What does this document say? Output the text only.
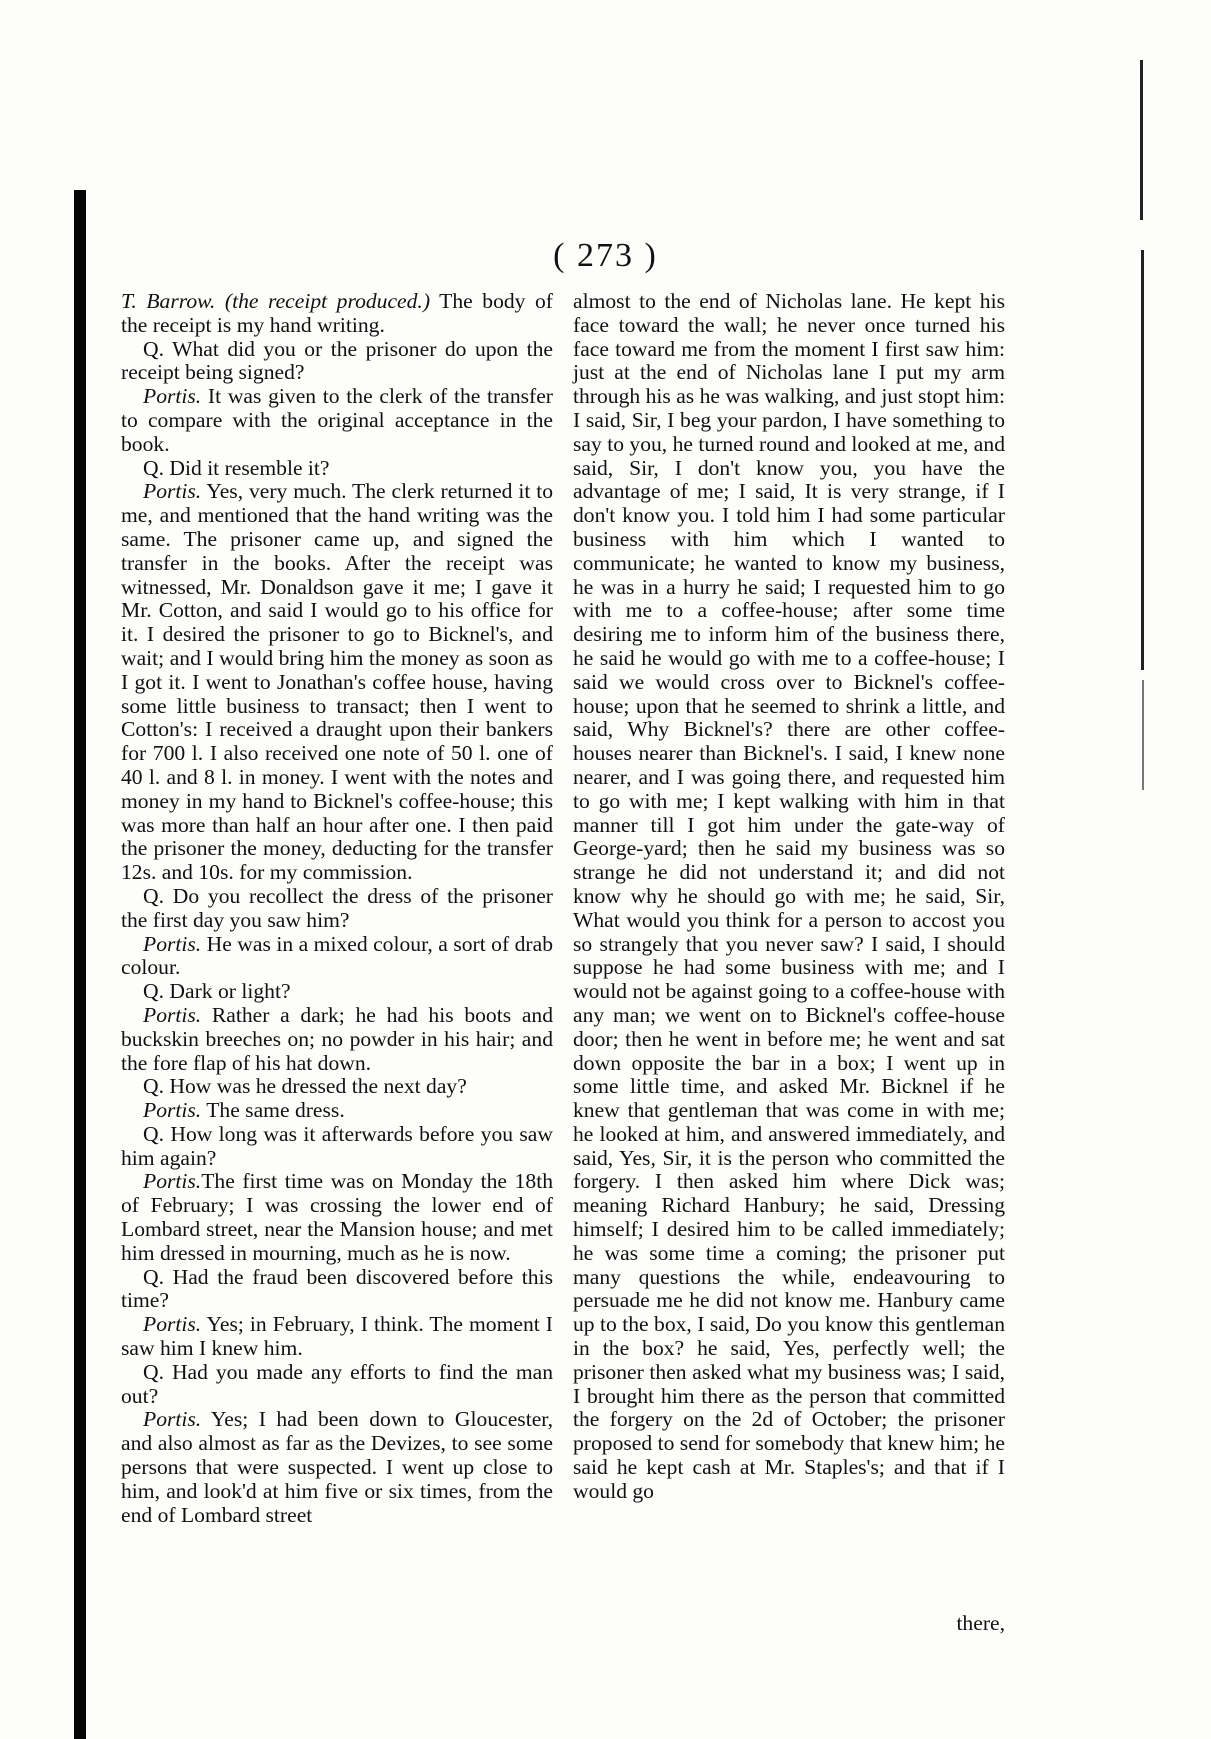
( 273 )

T. Barrow. (the receipt produced.) The body of the receipt is my hand writing.

Q. What did you or the prisoner do upon the receipt being signed?

Portis. It was given to the clerk of the transfer to compare with the original acceptance in the book.

Q. Did it resemble it?

Portis. Yes, very much. The clerk returned it to me, and mentioned that the hand writing was the same. The prisoner came up, and signed the transfer in the books. After the receipt was witnessed, Mr. Donaldson gave it me; I gave it Mr. Cotton, and said I would go to his office for it. I desired the prisoner to go to Bicknel's, and wait; and I would bring him the money as soon as I got it. I went to Jonathan's coffee house, having some little business to transact; then I went to Cotton's: I received a draught upon their bankers for 700 l. I also received one note of 50 l. one of 40 l. and 8 l. in money. I went with the notes and money in my hand to Bicknel's coffee-house; this was more than half an hour after one. I then paid the prisoner the money, deducting for the transfer 12s. and 10s. for my commission.

Q. Do you recollect the dress of the prisoner the first day you saw him?

Portis. He was in a mixed colour, a sort of drab colour.

Q. Dark or light?

Portis. Rather a dark; he had his boots and buckskin breeches on; no powder in his hair; and the fore flap of his hat down.

Q. How was he dressed the next day?

Portis. The same dress.

Q. How long was it afterwards before you saw him again?

Portis.The first time was on Monday the 18th of February; I was crossing the lower end of Lombard street, near the Mansion house; and met him dressed in mourning, much as he is now.

Q. Had the fraud been discovered before this time?

Portis. Yes; in February, I think. The moment I saw him I knew him.

Q. Had you made any efforts to find the man out?

Portis. Yes; I had been down to Gloucester, and also almost as far as the Devizes, to see some persons that were suspected. I went up close to him, and look'd at him five or six times, from the end of Lombard street

almost to the end of Nicholas lane. He kept his face toward the wall; he never once turned his face toward me from the moment I first saw him: just at the end of Nicholas lane I put my arm through his as he was walking, and just stopt him: I said, Sir, I beg your pardon, I have something to say to you, he turned round and looked at me, and said, Sir, I don't know you, you have the advantage of me; I said, It is very strange, if I don't know you. I told him I had some particular business with him which I wanted to communicate; he wanted to know my business, he was in a hurry he said; I requested him to go with me to a coffee-house; after some time desiring me to inform him of the business there, he said he would go with me to a coffee-house; I said we would cross over to Bicknel's coffee-house; upon that he seemed to shrink a little, and said, Why Bicknel's? there are other coffee-houses nearer than Bicknel's. I said, I knew none nearer, and I was going there, and requested him to go with me; I kept walking with him in that manner till I got him under the gate-way of George-yard; then he said my business was so strange he did not understand it; and did not know why he should go with me; he said, Sir, What would you think for a person to accost you so strangely that you never saw? I said, I should suppose he had some business with me; and I would not be against going to a coffee-house with any man; we went on to Bicknel's coffee-house door; then he went in before me; he went and sat down opposite the bar in a box; I went up in some little time, and asked Mr. Bicknel if he knew that gentleman that was come in with me; he looked at him, and answered immediately, and said, Yes, Sir, it is the person who committed the forgery. I then asked him where Dick was; meaning Richard Hanbury; he said, Dressing himself; I desired him to be called immediately; he was some time a coming; the prisoner put many questions the while, endeavouring to persuade me he did not know me. Hanbury came up to the box, I said, Do you know this gentleman in the box? he said, Yes, perfectly well; the prisoner then asked what my business was; I said, I brought him there as the person that committed the forgery on the 2d of October; the prisoner proposed to send for somebody that knew him; he said he kept cash at Mr. Staples's; and that if I would go

there,
